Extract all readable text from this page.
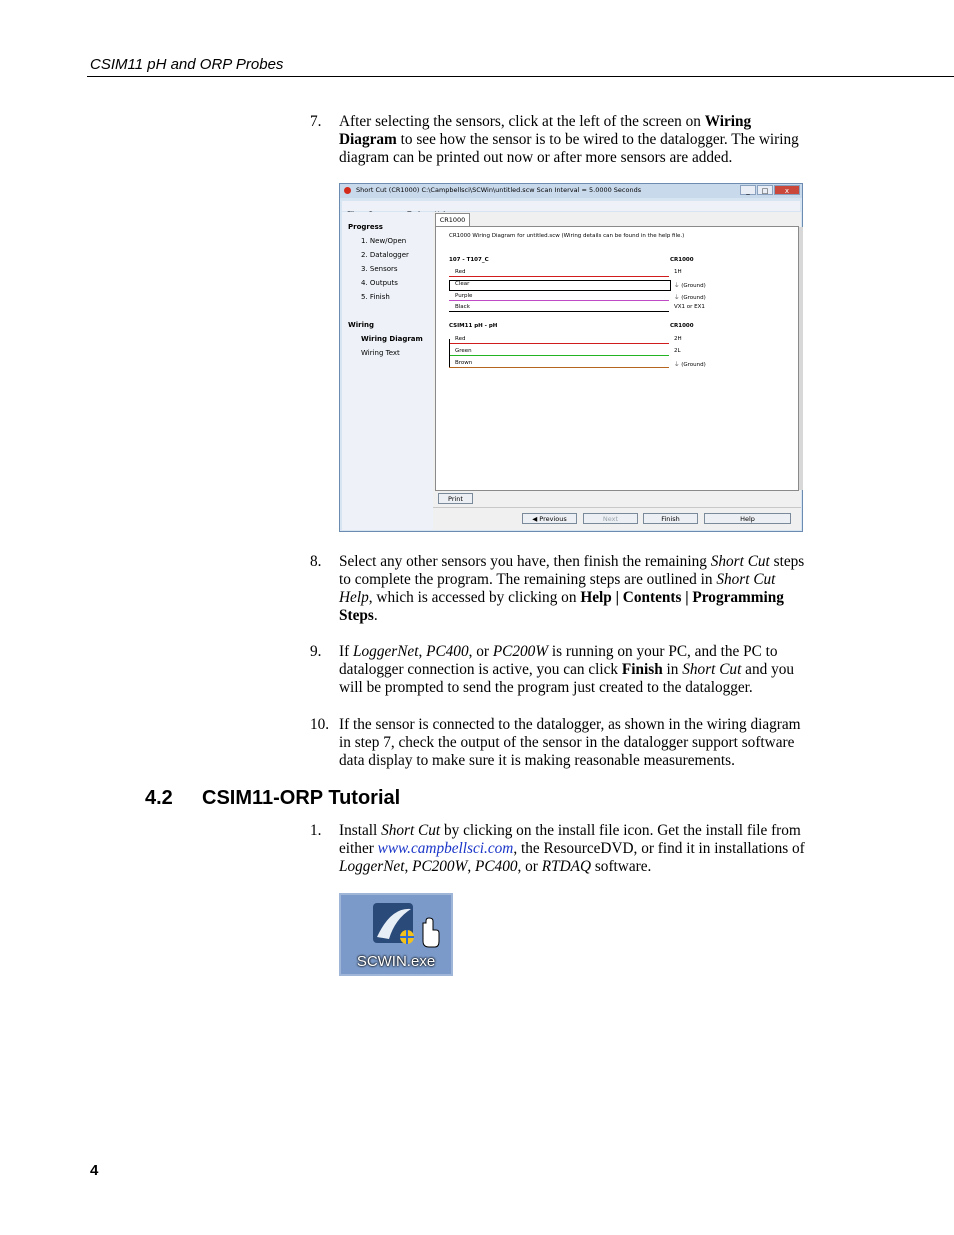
CSIM11 pH and ORP Probes
7. After selecting the sensors, click at the left of the screen on Wiring Diagram to see how the sensor is to be wired to the datalogger. The wiring diagram can be printed out now or after more sensors are added.
Short Cut (CR1000) C:\Campbellsci\SCWin\untitled.scw Scan Interval = 5.0000 Seconds	_	□	x
Progress
1. New/Open
2. Datalogger
3. Sensors
4. Outputs
5. Finish
Wiring
Wiring Diagram
Wiring Text
CR1000
CR1000 Wiring Diagram for untitled.scw (Wiring details can be found in the help file.)
107 - T107_C	CR1000
Red	1H
Clear	⏚ (Ground)
Purple	⏚ (Ground)
Black	VX1 or EX1
CSIM11 pH - pH	CR1000
Red	2H
Green	2L
Brown	⏚ (Ground)
Print
◀ Previous	Next	Finish	Help
8. Select any other sensors you have, then finish the remaining Short Cut steps to complete the program. The remaining steps are outlined in Short Cut Help, which is accessed by clicking on Help | Contents | Programming Steps.
9. If LoggerNet, PC400, or PC200W is running on your PC, and the PC to datalogger connection is active, you can click Finish in Short Cut and you will be prompted to send the program just created to the datalogger.
10. If the sensor is connected to the datalogger, as shown in the wiring diagram in step 7, check the output of the sensor in the datalogger support software data display to make sure it is making reasonable measurements.
4.2 CSIM11-ORP Tutorial
1. Install Short Cut by clicking on the install file icon. Get the install file from either www.campbellsci.com, the ResourceDVD, or find it in installations of LoggerNet, PC200W, PC400, or RTDAQ software.
SCWIN.exe
4
